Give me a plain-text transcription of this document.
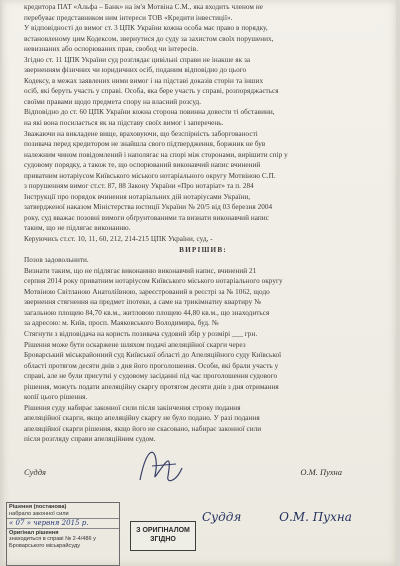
кредитора ПАТ «Альфа – Банк» на ім'я Мотвіна С.М., яка входить членом не
перебуває представником ним інтереси ТОВ «Кредити інвестиції».
У відповідності до вимог ст. 3 ЦПК України кожна особа має право в порядку,
встановленому цим Кодексом, звернутися до суду за захистом своїх порушених,
невизнаних або оспорюваних прав, свобод чи інтересів.
Згідно ст. 11 ЦПК України суд розглядає цивільні справи не інакше як за
зверненням фізичних чи юридичних осіб, поданим відповідно до цього
Кодексу, в межах заявлених ними вимог і на підставі доказів сторін та інших
осіб, які беруть участь у справі. Особа, яка бере участь у справі, розпоряджається
своїми правами щодо предмета спору на власний розсуд.
Відповідно до ст. 60 ЦПК України кожна сторона повинна довести ті обставини,
на які вона посилається як на підставу своїх вимог і заперечень.
Зважаючи на викладене вище, враховуючи, що безспірність заборгованості
позивача перед кредитором не знайшла свого підтвердження, боржник не був
належним чином повідомлений і наполягає на спорі між сторонами, вирішити спір у
судовому порядку, а також те, що оспорюваний виконавчий напис вчинений
приватним нотаріусом Київського міського нотаріального округу Мотвіною С.П.
з порушенням вимог ст.ст. 87, 88 Закону України «Про нотаріат» та п. 284
Інструкції про порядок вчинення нотаріальних дій нотаріусами України,
затвердженої наказом Міністерства юстиції України № 20/5 від 03 березня 2004
року, суд вважає позовні вимоги обґрунтованими та визнати виконавчий напис
таким, що не підлягає виконанню.
Керуючись ст.ст. 10, 11, 60, 212, 214-215 ЦПК України, суд, -
ВИРІШИВ:
Позов задовольнити.
Визнати таким, що не підлягає виконанню виконавчий напис, вчинений 21
серпня 2014 року приватним нотаріусом Київського міського нотаріального округу
Мотвіною Світланою Анатоліївною, зареєстрований в реєстрі за № 1062, щодо
звернення стягнення на предмет іпотеки, а саме на трикімнатну квартиру №
загальною площею 84,70 кв.м., житловою площею 44,80 кв.м., що знаходиться
за адресою: м. Київ, просп. Маяковського Володимира, буд. №
Стягнути з відповідача на користь позивача судовий збір у розмірі ___ грн.
Рішення може бути оскаржене шляхом подачі апеляційної скарги через
Броварський міськрайонний суд Київської області до Апеляційного суду Київської
області протягом десяти днів з дня його проголошення. Особи, які брали участь у
справі, але не були присутні у судовому засіданні під час проголошення судового
рішення, можуть подати апеляційну скаргу протягом десяти днів з дня отримання
копії цього рішення.
Рішення суду набирає законної сили після закінчення строку подання
апеляційної скарги, якщо апеляційну скаргу не було подано. У разі подання
апеляційної скарги рішення, якщо його не скасовано, набирає законної сили
після розгляду справи апеляційним судом.
Суддя	О.М. Пухна
Рішення (постанова)
набрало законної сили
« 07 » червня 2015 р.
Оригінал рішення
знаходиться в справі № 2-4/486 у
Броварського міськрайсуду
З ОРИГІНАЛОМ
ЗГІДНО
Суддя	О.М. Пухна
